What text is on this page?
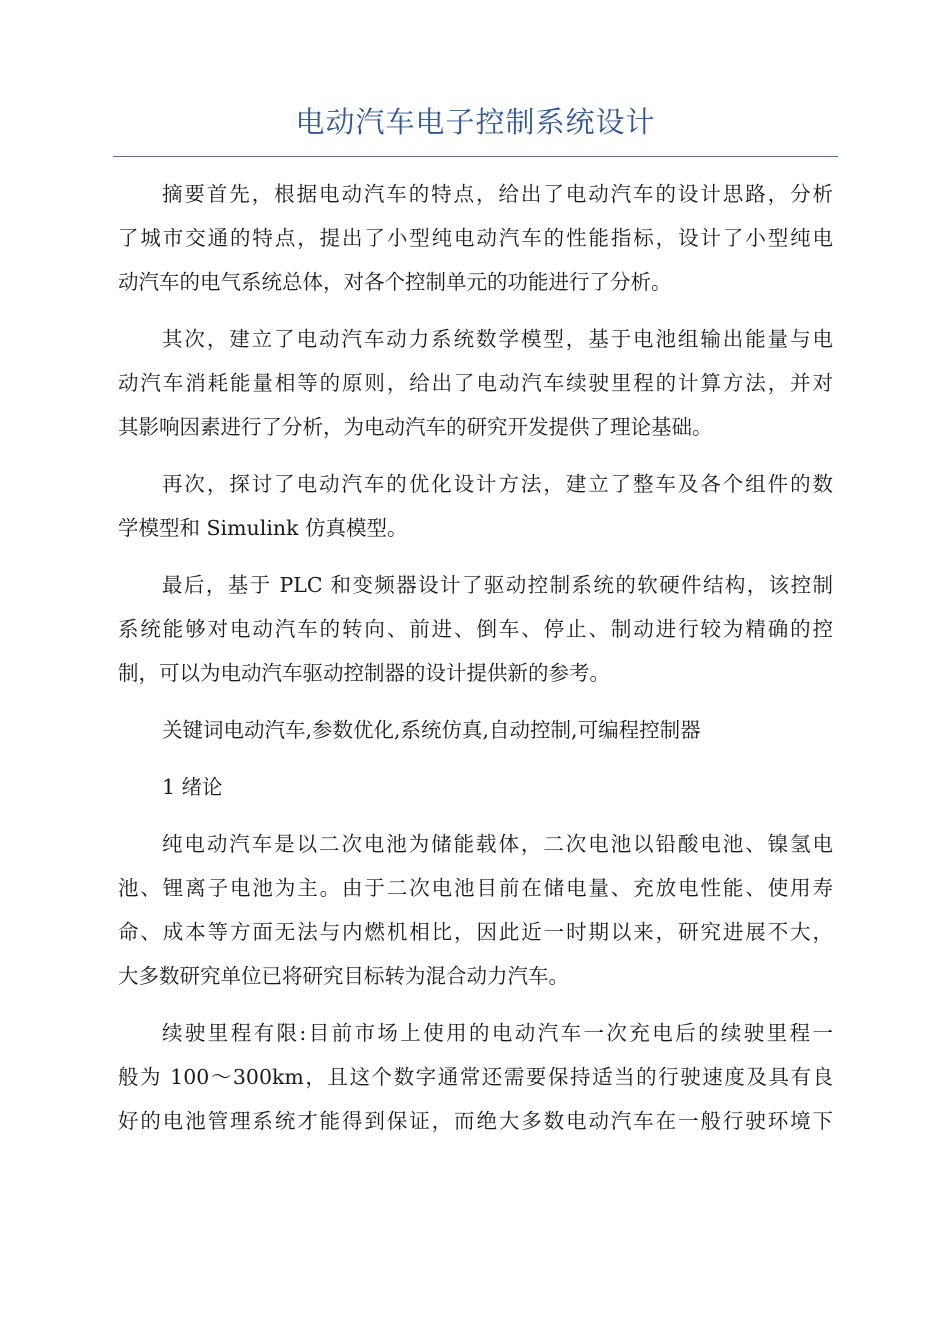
电动汽车电子控制系统设计
摘要首先，根据电动汽车的特点，给出了电动汽车的设计思路，分析
了城市交通的特点，提出了小型纯电动汽车的性能指标，设计了小型纯电
动汽车的电气系统总体，对各个控制单元的功能进行了分析。
其次，建立了电动汽车动力系统数学模型，基于电池组输出能量与电
动汽车消耗能量相等的原则，给出了电动汽车续驶里程的计算方法，并对
其影响因素进行了分析，为电动汽车的研究开发提供了理论基础。
再次，探讨了电动汽车的优化设计方法，建立了整车及各个组件的数
学模型和 Simulink 仿真模型。
最后，基于 PLC 和变频器设计了驱动控制系统的软硬件结构，该控制
系统能够对电动汽车的转向、前进、倒车、停止、制动进行较为精确的控
制，可以为电动汽车驱动控制器的设计提供新的参考。
关键词电动汽车,参数优化,系统仿真,自动控制,可编程控制器
1 绪论
纯电动汽车是以二次电池为储能载体，二次电池以铅酸电池、镍氢电
池、锂离子电池为主。由于二次电池目前在储电量、充放电性能、使用寿
命、成本等方面无法与内燃机相比，因此近一时期以来，研究进展不大，
大多数研究单位已将研究目标转为混合动力汽车。
续驶里程有限:目前市场上使用的电动汽车一次充电后的续驶里程一
般为 100～300km，且这个数字通常还需要保持适当的行驶速度及具有良
好的电池管理系统才能得到保证，而绝大多数电动汽车在一般行驶环境下
